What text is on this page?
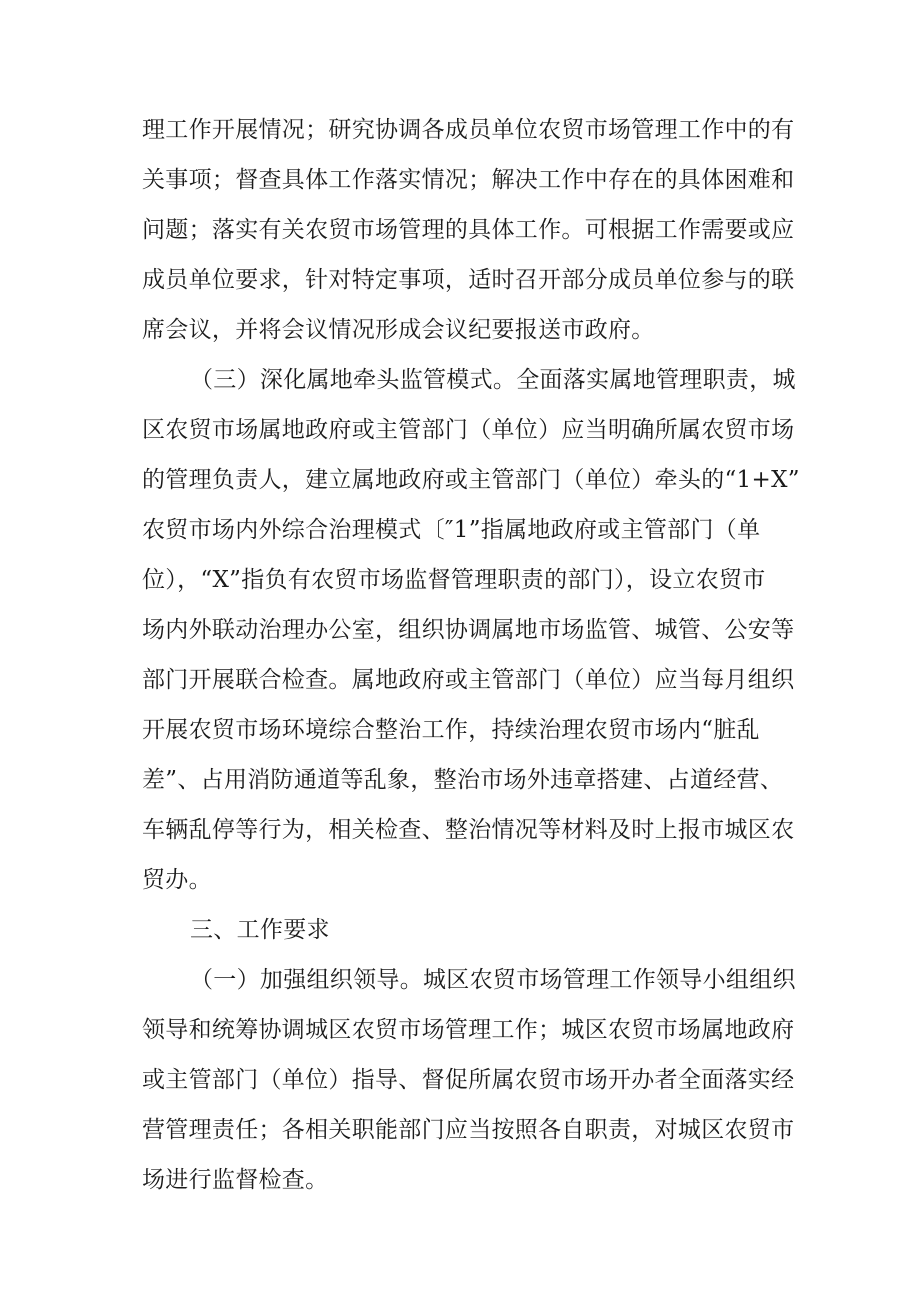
理工作开展情况；研究协调各成员单位农贸市场管理工作中的有
关事项；督查具体工作落实情况；解决工作中存在的具体困难和
问题；落实有关农贸市场管理的具体工作。可根据工作需要或应
成员单位要求，针对特定事项，适时召开部分成员单位参与的联
席会议，并将会议情况形成会议纪要报送市政府。
（三）深化属地牵头监管模式。全面落实属地管理职责，城
区农贸市场属地政府或主管部门（单位）应当明确所属农贸市场
的管理负责人，建立属地政府或主管部门（单位）牵头的“1+X”
农贸市场内外综合治理模式〔″1”指属地政府或主管部门（单
位），“X”指负有农贸市场监督管理职责的部门），设立农贸市
场内外联动治理办公室，组织协调属地市场监管、城管、公安等
部门开展联合检查。属地政府或主管部门（单位）应当每月组织
开展农贸市场环境综合整治工作，持续治理农贸市场内“脏乱
差”、占用消防通道等乱象，整治市场外违章搭建、占道经营、
车辆乱停等行为，相关检查、整治情况等材料及时上报市城区农
贸办。
三、工作要求
（一）加强组织领导。城区农贸市场管理工作领导小组组织
领导和统筹协调城区农贸市场管理工作；城区农贸市场属地政府
或主管部门（单位）指导、督促所属农贸市场开办者全面落实经
营管理责任；各相关职能部门应当按照各自职责，对城区农贸市
场进行监督检查。
